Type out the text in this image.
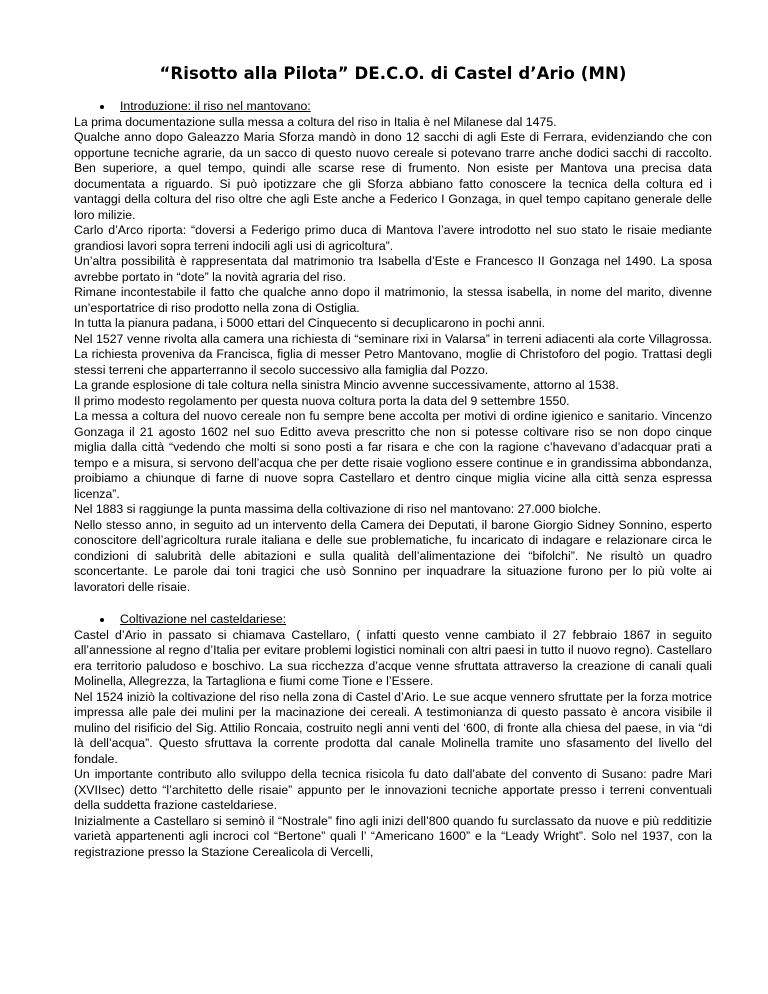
“Risotto alla Pilota” DE.C.O. di Castel d’Ario (MN)
Introduzione: il riso nel mantovano:

La prima documentazione sulla messa a coltura del riso in Italia è nel Milanese dal 1475.

Qualche anno dopo Galeazzo Maria Sforza mandò in dono 12 sacchi di agli Este di Ferrara, evidenziando che con opportune tecniche agrarie, da un sacco di questo nuovo cereale si potevano trarre anche dodici sacchi di raccolto. Ben superiore, a quel tempo, quindi alle scarse rese di frumento. Non esiste per Mantova una precisa data documentata a riguardo. Si può ipotizzare che gli Sforza abbiano fatto conoscere la tecnica della coltura ed i vantaggi della coltura del riso oltre che agli Este anche a Federico I Gonzaga, in quel tempo capitano generale delle loro milizie.

Carlo d’Arco riporta: “doversi a Federigo primo duca di Mantova l’avere introdotto nel suo stato le risaie mediante grandiosi lavori sopra terreni indocili agli usi di agricoltura”.

Un’altra possibilità è rappresentata dal matrimonio tra Isabella d’Este e Francesco II Gonzaga nel 1490. La sposa avrebbe portato in “dote” la novità agraria del riso.

Rimane incontestabile il fatto che qualche anno dopo il matrimonio, la stessa isabella, in nome del marito, divenne un’esportatrice di riso prodotto nella zona di Ostiglia.

In tutta la pianura padana, i 5000 ettari del Cinquecento si decuplicarono in pochi anni.

Nel 1527 venne rivolta alla camera una richiesta di “seminare rixi in Valarsa” in terreni adiacenti ala corte Villagrossa. La richiesta proveniva da Francisca, figlia di messer Petro Mantovano, moglie di Christoforo del pogio. Trattasi degli stessi terreni che apparterranno il secolo successivo alla famiglia dal Pozzo.

La grande esplosione di tale coltura nella sinistra Mincio avvenne successivamente, attorno al 1538.

Il primo modesto regolamento per questa nuova coltura porta la data del 9 settembre 1550.

La messa a coltura del nuovo cereale non fu sempre bene accolta per motivi di ordine igienico e sanitario. Vincenzo Gonzaga il 21 agosto 1602 nel suo Editto aveva prescritto che non si potesse coltivare riso se non dopo cinque miglia dalla città “vedendo che molti si sono posti a far risara e che con la ragione c’havevano d’adacquar prati a tempo e a misura, si servono dell’acqua che per dette risaie vogliono essere continue e in grandissima abbondanza, proibiamo a chiunque di farne di nuove sopra Castellaro et dentro cinque miglia vicine alla città senza espressa licenza”.

Nel 1883 si raggiunge la punta massima della coltivazione di riso nel mantovano: 27.000 biolche.

Nello stesso anno, in seguito ad un intervento della Camera dei Deputati, il barone Giorgio Sidney Sonnino, esperto conoscitore dell’agricoltura rurale italiana e delle sue problematiche, fu incaricato di indagare e relazionare circa le condizioni di salubrità delle abitazioni e sulla qualità dell’alimentazione dei “bifolchi”. Ne risultò un quadro sconcertante. Le parole dai toni tragici che usò Sonnino per inquadrare la situazione furono per lo più volte ai lavoratori delle risaie.

Coltivazione nel casteldariese:

Castel d’Ario in passato si chiamava Castellaro, ( infatti questo venne cambiato il 27 febbraio 1867 in seguito all’annessione al regno d’Italia per evitare problemi logistici nominali con altri paesi in tutto il nuovo regno). Castellaro era territorio paludoso e boschivo. La sua ricchezza d’acque venne sfruttata attraverso la creazione di canali quali Molinella, Allegrezza, la Tartagliona e fiumi come Tione e l’Essere.

Nel 1524 iniziò la coltivazione del riso nella zona di Castel d’Ario. Le sue acque vennero sfruttate per la forza motrice impressa alle pale dei mulini per la macinazione dei cereali. A testimonianza di questo passato è ancora visibile il mulino del risificio del Sig. Attilio Roncaia, costruito negli anni venti del ‘600, di fronte alla chiesa del paese, in via “di là dell’acqua”. Questo sfruttava la corrente prodotta dal canale Molinella tramite uno sfasamento del livello del fondale.

Un importante contributo allo sviluppo della tecnica risicola fu dato dall’abate del convento di Susano: padre Mari (XVIIsec) detto “l’architetto delle risaie” appunto per le innovazioni tecniche apportate presso i terreni conventuali della suddetta frazione casteldariese.

Inizialmente a Castellaro si seminò il “Nostrale” fino agli inizi dell’800 quando fu surclassato da nuove e più redditizie varietà appartenenti agli incroci col “Bertone” quali l’ “Americano 1600” e la “Leady Wright”. Solo nel 1937, con la registrazione presso la Stazione Cerealicola di Vercelli,
